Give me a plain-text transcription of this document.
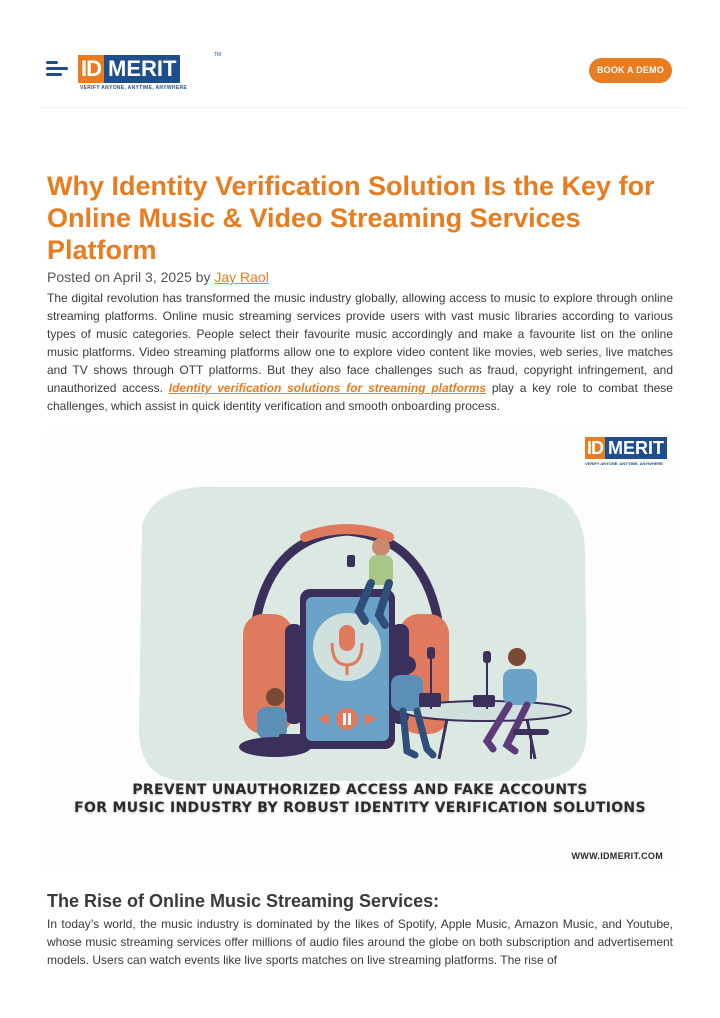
ID MERIT
TM
VERIFY ANYONE, ANYTIME, ANYWHERE
BOOK A DEMO
Why Identity Verification Solution Is the Key for Online Music & Video Streaming Services Platform
Posted on April 3, 2025 by Jay Raol

The digital revolution has transformed the music industry globally, allowing access to music to explore through online streaming platforms. Online music streaming services provide users with vast music libraries according to various types of music categories. People select their favourite music accordingly and make a favourite list on the online music platforms. Video streaming platforms allow one to explore video content like movies, web series, live matches and TV shows through OTT platforms. But they also face challenges such as fraud, copyright infringement, and unauthorized access. Identity verification solutions for streaming platforms play a key role to combat these challenges, which assist in quick identity verification and smooth onboarding process.

ID MERIT
VERIFY ANYONE, ANYTIME, ANYWHERE
PREVENT UNAUTHORIZED ACCESS AND FAKE ACCOUNTS
FOR MUSIC INDUSTRY BY ROBUST IDENTITY VERIFICATION SOLUTIONS
WWW.IDMERIT.COM
The Rise of Online Music Streaming Services:

In today’s world, the music industry is dominated by the likes of Spotify, Apple Music, Amazon Music, and Youtube, whose music streaming services offer millions of audio files around the globe on both subscription and advertisement models. Users can watch events like live sports matches on live streaming platforms. The rise of
